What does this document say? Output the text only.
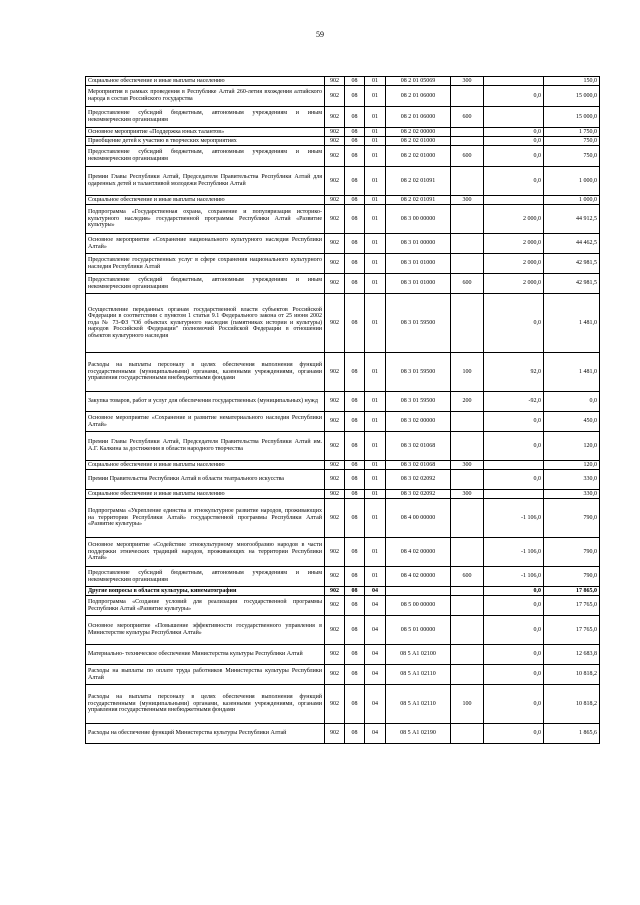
59
Социальное обеспечение и иные выплаты населению	902	08	01	08 2 01 05069	300		150,0
Мероприятия в рамках проведения в Республике Алтай 260-летия вхождения алтайского народа в состав Российского государства	902	08	01	08 2 01 06000		0,0	15 000,0
Предоставление субсидий бюджетным, автономным учреждениям и иным некоммерческим организациям	902	08	01	08 2 01 06000	600		15 000,0
Основное мероприятие «Поддержка юных талантов»	902	08	01	08 2 02 00000		0,0	1 750,0
Приобщение детей к участию в творческих мероприятиях	902	08	01	08 2 02 01000		0,0	750,0
Предоставление субсидий бюджетным, автономным учреждениям и иным некоммерческим организациям	902	08	01	08 2 02 01000	600	0,0	750,0
Премии Главы Республики Алтай, Председателя Правительства Республики Алтай для одаренных детей и талантливой молодежи Республики Алтай	902	08	01	08 2 02 01091		0,0	1 000,0
Социальное обеспечение и иные выплаты населению	902	08	01	08 2 02 01091	300		1 000,0
Подпрограмма «Государственная охрана, сохранение и популяризация историко-культурного наследия» государственной программы Республики Алтай «Развитие культуры»	902	08	01	08 3 00 00000		2 000,0	44 912,5
Основное мероприятие «Сохранение национального культурного наследия Республики Алтай»	902	08	01	08 3 01 00000		2 000,0	44 462,5
Предоставление государственных услуг в сфере сохранения национального культурного наследия Республики Алтай	902	08	01	08 3 01 01000		2 000,0	42 981,5
Предоставление субсидий бюджетным, автономным учреждениям и иным некоммерческим организациям	902	08	01	08 3 01 01000	600	2 000,0	42 981,5
Осуществление переданных органам государственной власти субъектов Российской Федерации в соответствии с пунктом 1 статьи 9.1 Федерального закона от 25 июня 2002 года № 73-ФЗ "Об объектах культурного наследия (памятниках истории и культуры) народов Российской Федерации" полномочий Российской Федерации в отношении объектов культурного наследия	902	08	01	08 3 01 59500		0,0	1 481,0
Расходы на выплаты персоналу в целях обеспечения выполнения функций государственными (муниципальными) органами, казенными учреждениями, органами управления государственными внебюджетными фондами	902	08	01	08 3 01 59500	100	92,0	1 481,0
Закупка товаров, работ и услуг для обеспечения государственных (муниципальных) нужд	902	08	01	08 3 01 59500	200	-92,0	0,0
Основное мероприятие «Сохранение и развитие нематериального наследия Республики Алтай»	902	08	01	08 3 02 00000		0,0	450,0
Премии Главы Республики Алтай, Председателя Правительства Республики Алтай им. А.Г. Калкина за достижения в области народного творчества	902	08	01	08 3 02 01068		0,0	120,0
Социальное обеспечение и иные выплаты населению	902	08	01	08 3 02 01068	300		120,0
Премии Правительства Республики Алтай в области театрального искусства	902	08	01	08 3 02 02092		0,0	330,0
Социальное обеспечение и иные выплаты населению	902	08	01	08 3 02 02092	300		330,0
Подпрограмма «Укрепление единства и этнокультурное развитие народов, проживающих на территории Республики Алтай» государственной программы Республики Алтай «Развитие культуры»	902	08	01	08 4 00 00000		-1 106,0	790,0
Основное мероприятие «Содействие этнокультурному многообразию народов в части поддержки этнических традиций народов, проживающих на территории Республики Алтай»	902	08	01	08 4 02 00000		-1 106,0	790,0
Предоставление субсидий бюджетным, автономным учреждениям и иным некоммерческим организациям	902	08	01	08 4 02 00000	600	-1 106,0	790,0
Другие вопросы в области культуры, кинематографии	902	08	04			0,0	17 865,0
Подпрограмма «Создание условий для реализации государственной программы Республики Алтай «Развитие культуры»	902	08	04	08 5 00 00000		0,0	17 765,0
Основное мероприятие «Повышение эффективности государственного управления в Министерстве культуры Республики Алтай»	902	08	04	08 5 01 00000		0,0	17 765,0
Материально- техническое обеспечение Министерства культуры Республики Алтай	902	08	04	08 5 А1 02100		0,0	12 683,8
Расходы на выплаты по оплате труда работников Министерства культуры Республики Алтай	902	08	04	08 5 А1 02110		0,0	10 818,2
Расходы на выплаты персоналу в целях обеспечения выполнения функций государственными (муниципальными) органами, казенными учреждениями, органами управления государственными внебюджетными фондами	902	08	04	08 5 А1 02110	100	0,0	10 818,2
Расходы на обеспечение функций Министерства культуры Республики Алтай	902	08	04	08 5 А1 02190		0,0	1 865,6
